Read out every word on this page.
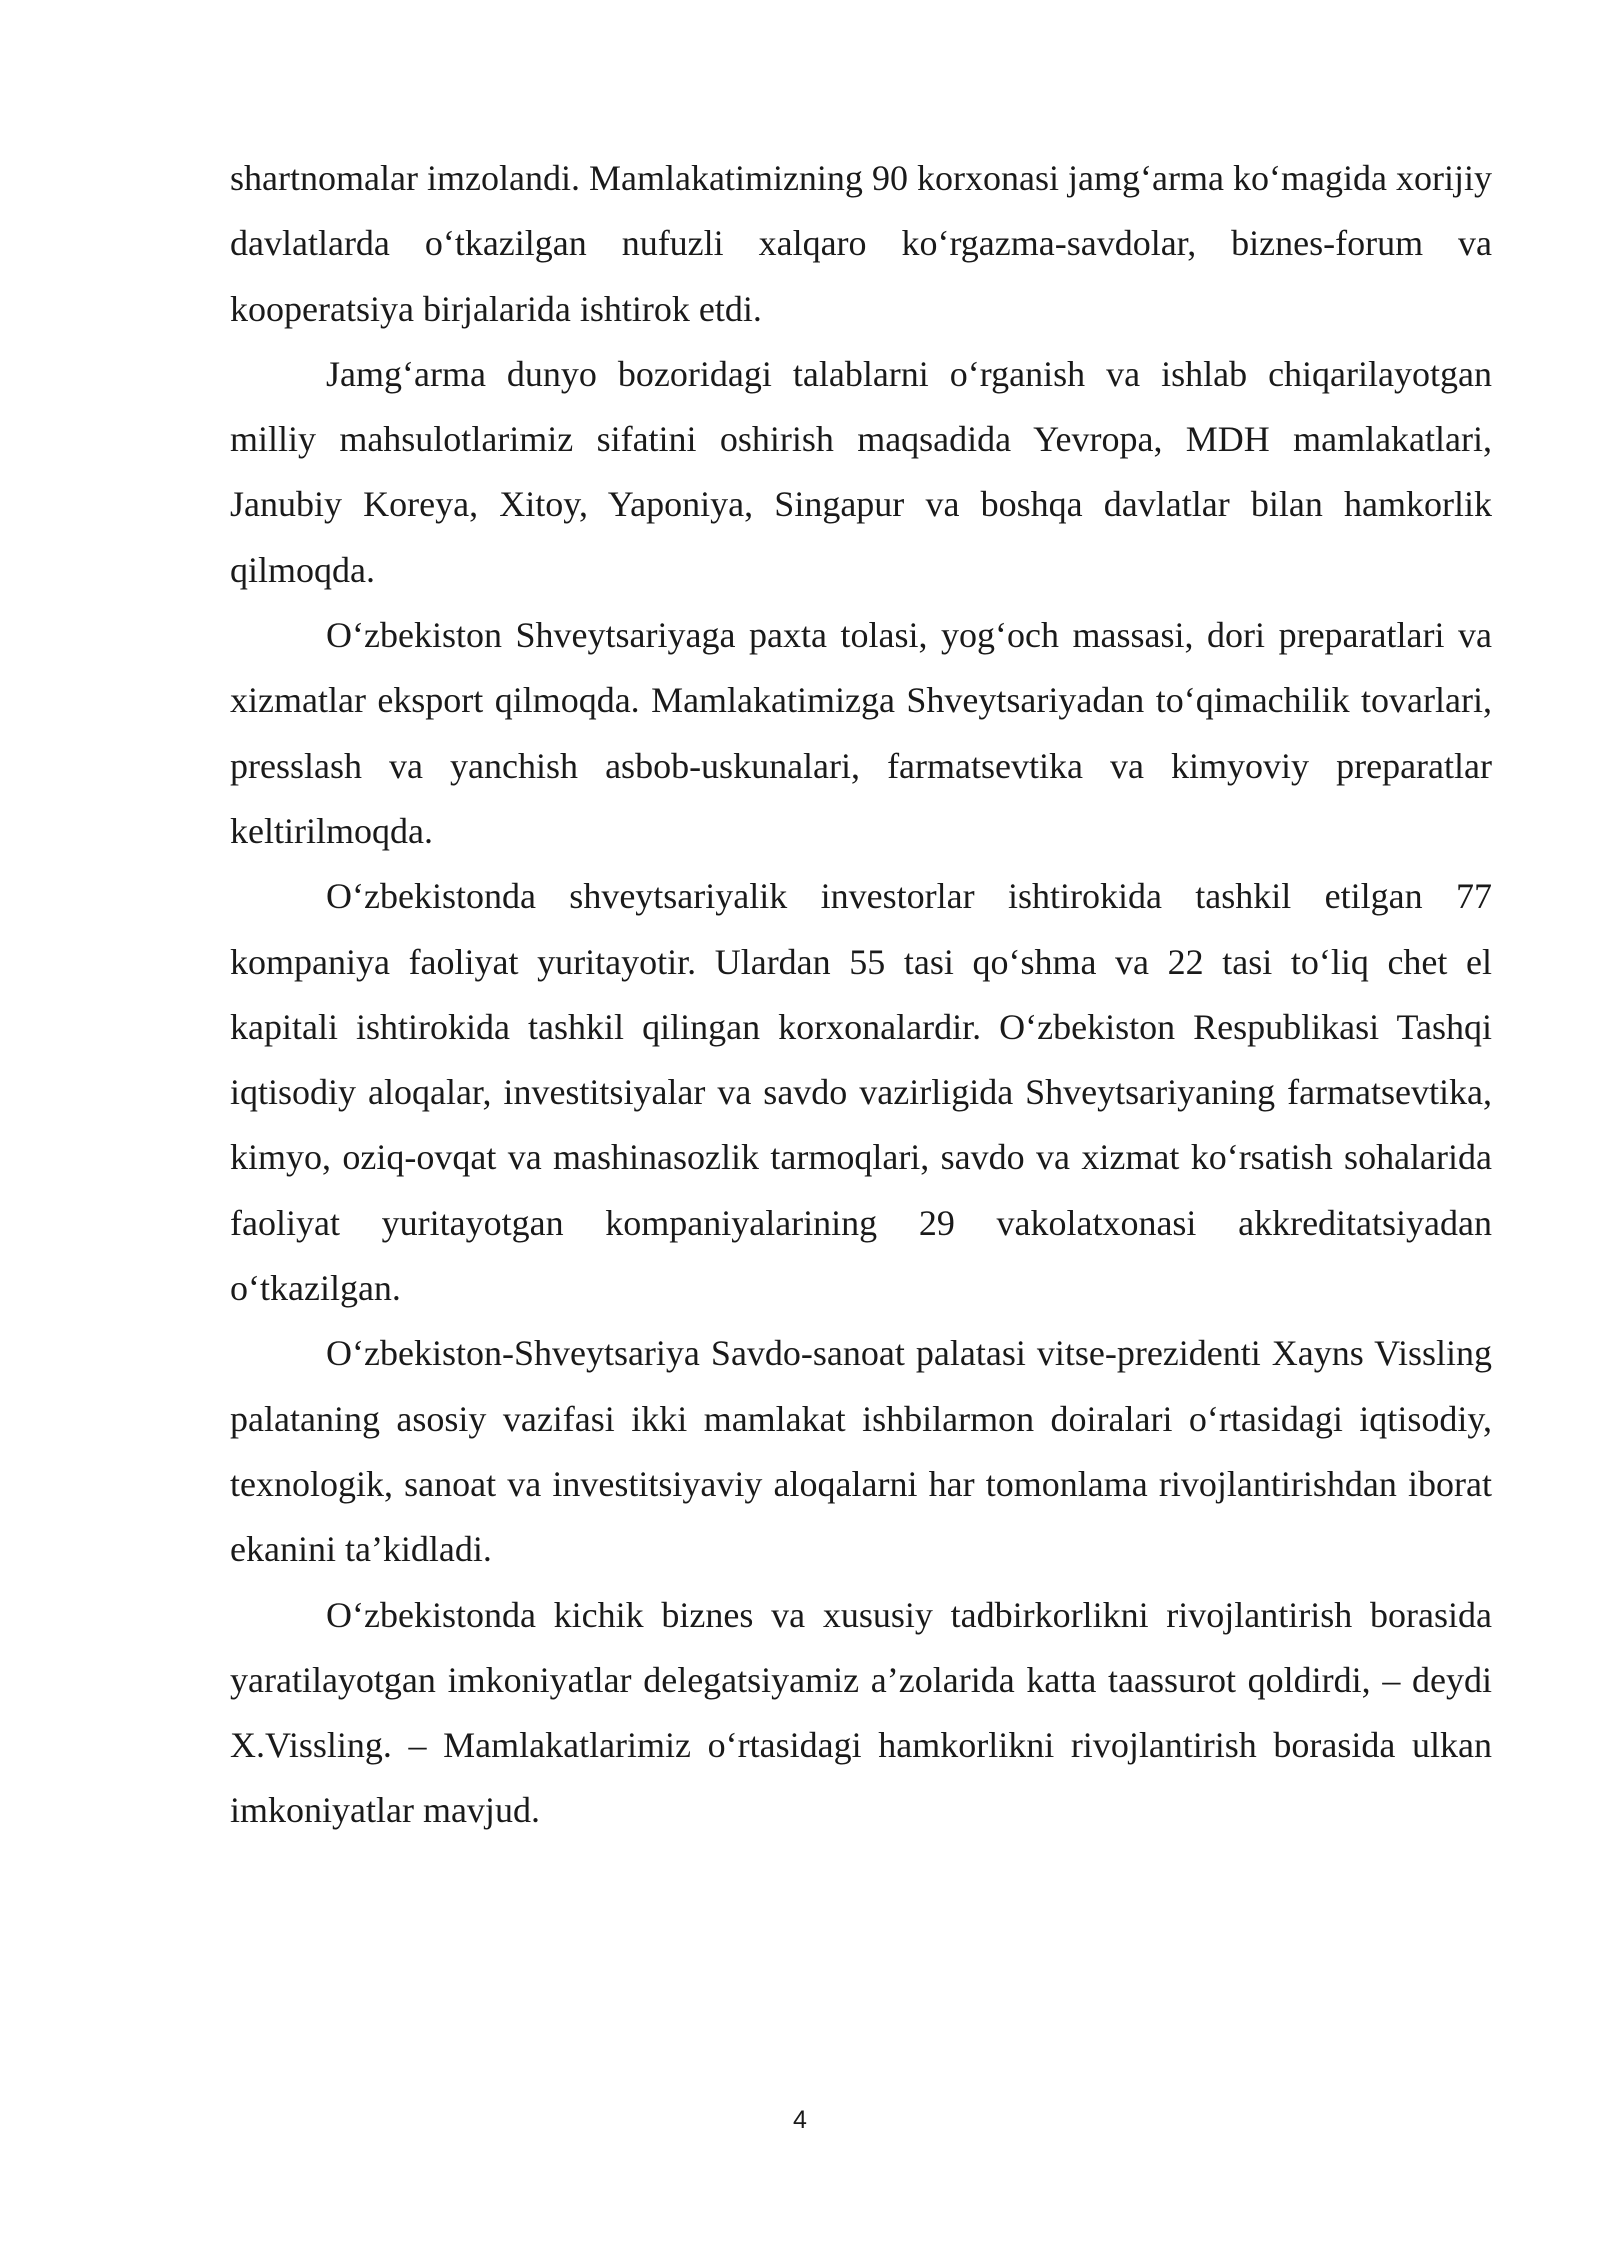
shartnomalar imzolandi. Mamlakatimizning 90 korxonasi jamg‘arma ko‘magida xorijiy davlatlarda o‘tkazilgan nufuzli xalqaro ko‘rgazma-savdolar, biznes-forum va kooperatsiya birjalarida ishtirok etdi.

Jamg‘arma dunyo bozoridagi talablarni o‘rganish va ishlab chiqarilayotgan milliy mahsulotlarimiz sifatini oshirish maqsadida Yevropa, MDH mamlakatlari, Janubiy Koreya, Xitoy, Yaponiya, Singapur va boshqa davlatlar bilan hamkorlik qilmoqda.

O‘zbekiston Shveytsariyaga paxta tolasi, yog‘och massasi, dori preparatlari va xizmatlar eksport qilmoqda. Mamlakatimizga Shveytsariyadan to‘qimachilik tovarlari, presslash va yanchish asbob-uskunalari, farmatsevtika va kimyoviy preparatlar keltirilmoqda.

O‘zbekistonda shveytsariyalik investorlar ishtirokida tashkil etilgan 77 kompaniya faoliyat yuritayotir. Ulardan 55 tasi qo‘shma va 22 tasi to‘liq chet el kapitali ishtirokida tashkil qilingan korxonalardir. O‘zbekiston Respublikasi Tashqi iqtisodiy aloqalar, investitsiyalar va savdo vazirligida Shveytsariyaning farmatsevtika, kimyo, oziq-ovqat va mashinasozlik tarmoqlari, savdo va xizmat ko‘rsatish sohalarida faoliyat yuritayotgan kompaniyalarining 29 vakolatxonasi akkreditatsiyadan o‘tkazilgan.

O‘zbekiston-Shveytsariya Savdo-sanoat palatasi vitse-prezidenti Xayns Vissling palataning asosiy vazifasi ikki mamlakat ishbilarmon doiralari o‘rtasidagi iqtisodiy, texnologik, sanoat va investitsiyaviy aloqalarni har tomonlama rivojlantirishdan iborat ekanini ta’kidladi.

O‘zbekistonda kichik biznes va xususiy tadbirkorlikni rivojlantirish borasida yaratilayotgan imkoniyatlar delegatsiyamiz a’zolarida katta taassurot qoldirdi, – deydi X.Vissling. – Mamlakatlarimiz o‘rtasidagi hamkorlikni rivojlantirish borasida ulkan imkoniyatlar mavjud.

4
